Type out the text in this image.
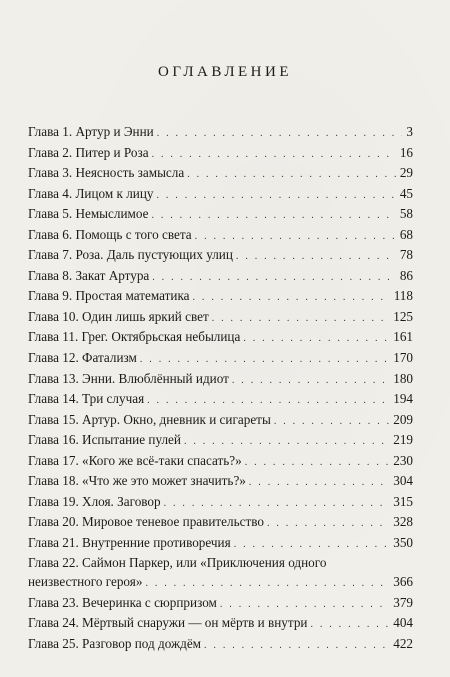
ОГЛАВЛЕНИЕ
Глава 1. Артур и Энни . . .	3
Глава 2. Питер и Роза . . .	16
Глава 3. Неясность замысла . . .	29
Глава 4. Лицом к лицу . . .	45
Глава 5. Немыслимое . . .	58
Глава 6. Помощь с того света . . .	68
Глава 7. Роза. Даль пустующих улиц . . .	78
Глава 8. Закат Артура . . .	86
Глава 9. Простая математика . . .	118
Глава 10. Один лишь яркий свет . . .	125
Глава 11. Грег. Октябрьская небылица . . .	161
Глава 12. Фатализм . . .	170
Глава 13. Энни. Влюблённый идиот . . .	180
Глава 14. Три случая . . .	194
Глава 15. Артур. Окно, дневник и сигареты . . .	209
Глава 16. Испытание пулей . . .	219
Глава 17. «Кого же всё-таки спасать?» . . .	230
Глава 18. «Что же это может значить?» . . .	304
Глава 19. Хлоя. Заговор . . .	315
Глава 20. Мировое теневое правительство . . .	328
Глава 21. Внутренние противоречия . . .	350
Глава 22. Саймон Паркер, или «Приключения одного
неизвестного героя» . . .	366
Глава 23. Вечеринка с сюрпризом . . .	379
Глава 24. Мёртвый снаружи — он мёртв и внутри . . .	404
Глава 25. Разговор под дождём . . .	422
